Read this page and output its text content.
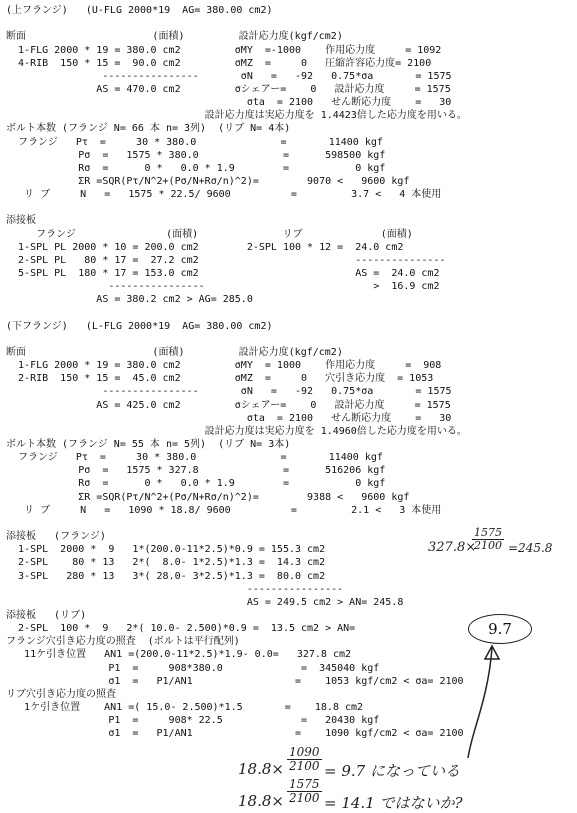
(上フランジ)   (U-FLG 2000*19  AG= 380.00 cm2)
断面                     (面積)         設計応力度(kgf/cm2)
1-FLG 2000 * 19 = 380.0 cm2         σMY  =-1000    作用応力度     = 1092
4-RIB  150 * 15 =  90.0 cm2         σMZ  =     0   圧縮許容応力度= 2100
----------------       σN   =   -92   0.75*σa       = 1575
AS = 470.0 cm2         σシェアー=    0   設計応力度     = 1575
σta  = 2100   せん断応力度    =   30
設計応力度は実応力度を 1.4423倍した応力度を用いる。
ボルト本数 (フランジ N= 66 本 n= 3列)  (リブ N= 4本)
フランジ   Pτ  =     30 * 380.0              =       11400 kgf
Pσ  =   1575 * 380.0              =      598500 kgf
Rσ  =      0 *   0.0 * 1.9        =           0 kgf
ΣR =SQR(Pτ/N^2+(Pσ/N+Rσ/n)^2)=        9070 <   9600 kgf
リ ブ     N   =   1575 * 22.5/ 9600          =         3.7 <   4 本使用
添接板
フランジ               (面積)              リブ             (面積)
1-SPL PL 2000 * 10 = 200.0 cm2        2-SPL 100 * 12 =  24.0 cm2
2-SPL PL   80 * 17 =  27.2 cm2                          ---------------
5-SPL PL  180 * 17 = 153.0 cm2                          AS =  24.0 cm2
----------------                            >  16.9 cm2
AS = 380.2 cm2 > AG= 285.0
(下フランジ)   (L-FLG 2000*19  AG= 380.00 cm2)
断面                     (面積)         設計応力度(kgf/cm2)
1-FLG 2000 * 19 = 380.0 cm2         σMY  = 1000    作用応力度     =  908
2-RIB  150 * 15 =  45.0 cm2         σMZ  =     0   穴引き応力度  = 1053
----------------       σN   =   -92   0.75*σa       = 1575
AS = 425.0 cm2         σシェアー=    0   設計応力度     = 1575
σta  = 2100   せん断応力度    =   30
設計応力度は実応力度を 1.4960倍した応力度を用いる。
ボルト本数 (フランジ N= 55 本 n= 5列)  (リブ N= 3本)
フランジ   Pτ  =     30 * 380.0              =       11400 kgf
Pσ  =   1575 * 327.8              =      516206 kgf
Rσ  =      0 *   0.0 * 1.9        =           0 kgf
ΣR =SQR(Pτ/N^2+(Pσ/N+Rσ/n)^2)=        9388 <   9600 kgf
リ ブ     N   =   1090 * 18.8/ 9600          =         2.1 <   3 本使用
添接板   (フランジ)
1-SPL  2000 *  9   1*(200.0-11*2.5)*0.9 = 155.3 cm2
2-SPL    80 * 13   2*(  8.0- 1*2.5)*1.3 =  14.3 cm2
3-SPL   280 * 13   3*( 28.0- 3*2.5)*1.3 =  80.0 cm2
----------------
AS = 249.5 cm2 > AN= 245.8
添接板   (リブ)
2-SPL  100 *  9   2*( 10.0- 2.500)*0.9 =  13.5 cm2 > AN=
フランジ穴引き応力度の照査  (ボルトは平行配列)
11ケ引き位置   AN1 =(200.0-11*2.5)*1.9- 0.0=   327.8 cm2
P1  =     908*380.0             =  345040 kgf
σ1  =   P1/AN1                 =    1053 kgf/cm2 < σa= 2100
リブ穴引き応力度の照査
1ケ引き位置    AN1 =( 15.0- 2.500)*1.5       =    18.8 cm2
P1  =     908* 22.5             =   20430 kgf
σ1  =   P1/AN1                 =    1090 kgf/cm2 < σa= 2100
327.8×
$\frac{1575}{2100} =245.8$
9.7
$18.8\times \frac{1090}{2100} = 9.7$ になっている
$18.8\times \frac{1575}{2100} = 14.1$ ではないか?
